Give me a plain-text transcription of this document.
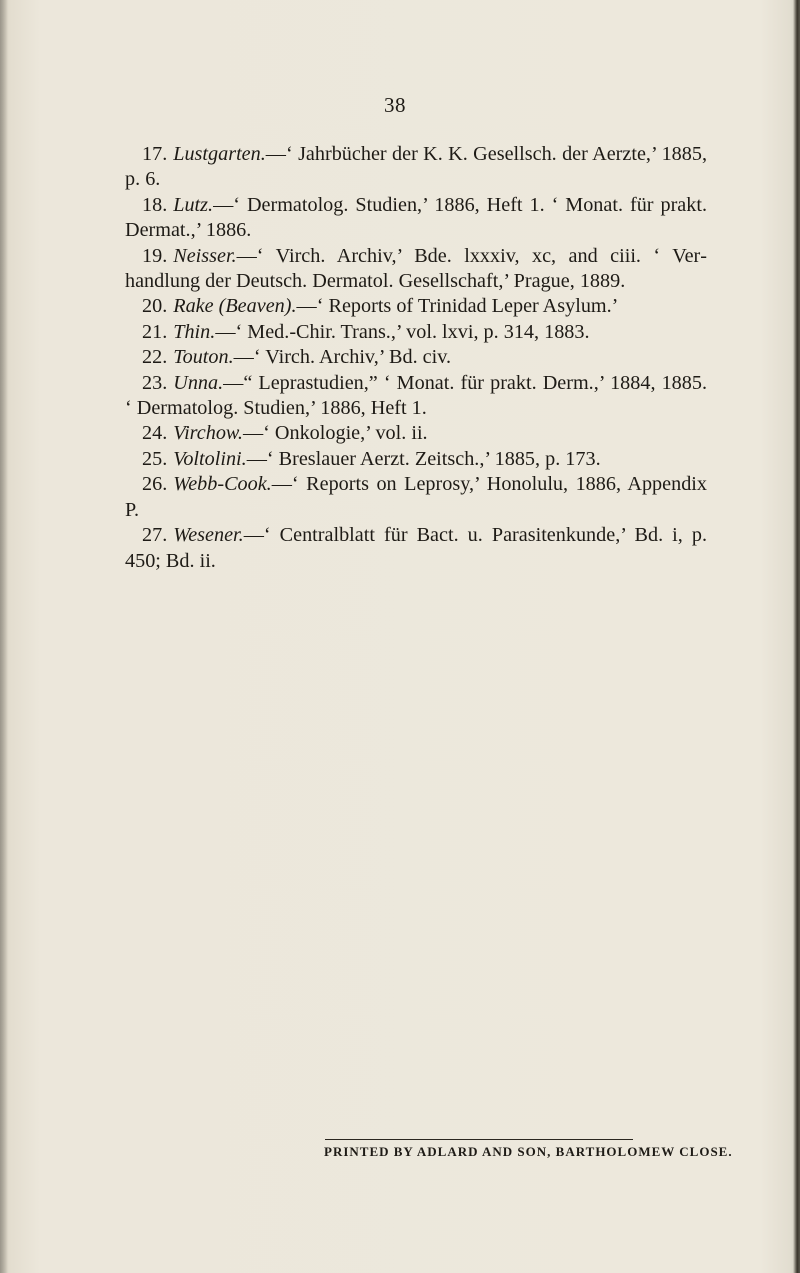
38

17. Lustgarten.—‘ Jahrbücher der K. K. Gesellsch. der Aerzte,’ 1885, p. 6.

18. Lutz.—‘ Dermatolog. Studien,’ 1886, Heft 1. ‘ Monat. für prakt. Dermat.,’ 1886.

19. Neisser.—‘ Virch. Archiv,’ Bde. lxxxiv, xc, and ciii. ‘ Verhandlung der Deutsch. Dermatol. Gesellschaft,’ Prague, 1889.

20. Rake (Beaven).—‘ Reports of Trinidad Leper Asylum.’

21. Thin.—‘ Med.-Chir. Trans.,’ vol. lxvi, p. 314, 1883.

22. Touton.—‘ Virch. Archiv,’ Bd. civ.

23. Unna.—“ Leprastudien,” ‘ Monat. für prakt. Derm.,’ 1884, 1885. ‘ Dermatolog. Studien,’ 1886, Heft 1.

24. Virchow.—‘ Onkologie,’ vol. ii.

25. Voltolini.—‘ Breslauer Aerzt. Zeitsch.,’ 1885, p. 173.

26. Webb-Cook.—‘ Reports on Leprosy,’ Honolulu, 1886, Appendix P.

27. Wesener.—‘ Centralblatt für Bact. u. Parasitenkunde,’ Bd. i, p. 450; Bd. ii.

PRINTED BY ADLARD AND SON, BARTHOLOMEW CLOSE.
